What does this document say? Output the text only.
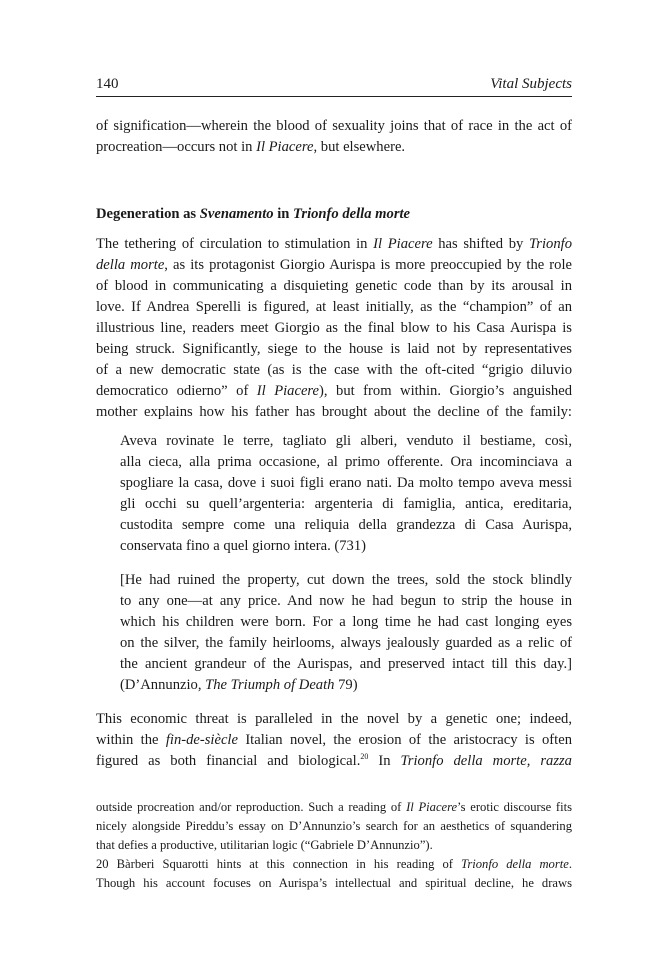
140	Vital Subjects
of signification—wherein the blood of sexuality joins that of race in the act of
procreation—occurs not in Il Piacere, but elsewhere.
Degeneration as Svenamento in Trionfo della morte
The tethering of circulation to stimulation in Il Piacere has shifted by Trionfo
della morte, as its protagonist Giorgio Aurispa is more preoccupied by the role
of blood in communicating a disquieting genetic code than by its arousal in
love. If Andrea Sperelli is figured, at least initially, as the “champion” of an
illustrious line, readers meet Giorgio as the final blow to his Casa Aurispa is
being struck. Significantly, siege to the house is laid not by representatives
of a new democratic state (as is the case with the oft-cited “grigio diluvio
democratico odierno” of Il Piacere), but from within. Giorgio’s anguished
mother explains how his father has brought about the decline of the family:
Aveva rovinate le terre, tagliato gli alberi, venduto il bestiame, così,
alla cieca, alla prima occasione, al primo offerente. Ora incominciava a
spogliare la casa, dove i suoi figli erano nati. Da molto tempo aveva messi
gli occhi su quell’argenteria: argenteria di famiglia, antica, ereditaria,
custodita sempre come una reliquia della grandezza di Casa Aurispa,
conservata fino a quel giorno intera. (731)
[He had ruined the property, cut down the trees, sold the stock blindly
to any one—at any price. And now he had begun to strip the house in
which his children were born. For a long time he had cast longing eyes
on the silver, the family heirlooms, always jealously guarded as a relic of
the ancient grandeur of the Aurispas, and preserved intact till this day.]
(D’Annunzio, The Triumph of Death 79)
This economic threat is paralleled in the novel by a genetic one; indeed,
within the fin-de-siècle Italian novel, the erosion of the aristocracy is often
figured as both financial and biological.$^{20}$ In Trionfo della morte, razza
outside procreation and/or reproduction. Such a reading of Il Piacere’s erotic discourse fits
nicely alongside Pireddu’s essay on D’Annunzio’s search for an aesthetics of squandering
that defies a productive, utilitarian logic (“Gabriele D’Annunzio”).
20 Bàrberi Squarotti hints at this connection in his reading of Trionfo della morte.
Though his account focuses on Aurispa’s intellectual and spiritual decline, he draws
